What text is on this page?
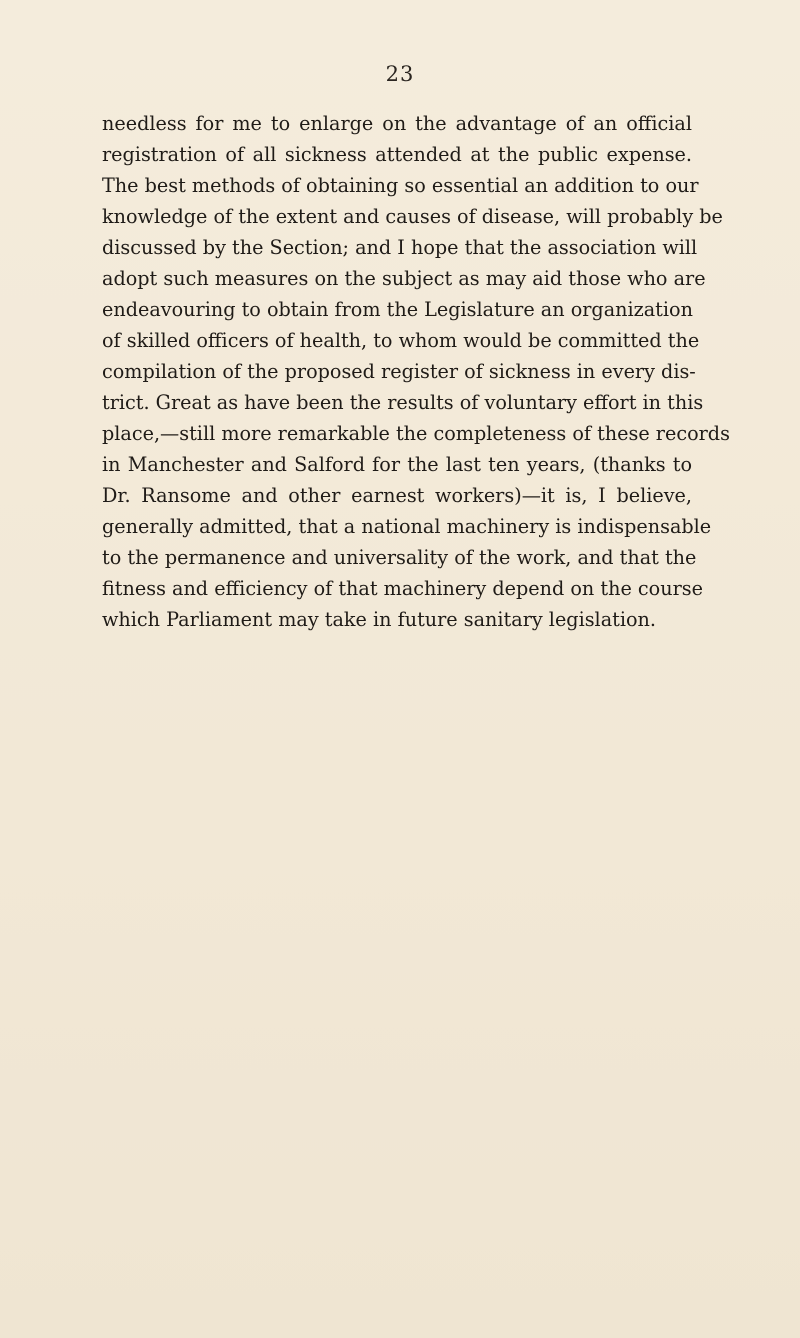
23
needless for me to enlarge on the advantage of an official
registration of all sickness attended at the public expense.
The best methods of obtaining so essential an addition to our
knowledge of the extent and causes of disease, will probably be
discussed by the Section; and I hope that the association will
adopt such measures on the subject as may aid those who are
endeavouring to obtain from the Legislature an organization
of skilled officers of health, to whom would be committed the
compilation of the proposed register of sickness in every dis-
trict. Great as have been the results of voluntary effort in this
place,—still more remarkable the completeness of these records
in Manchester and Salford for the last ten years, (thanks to
Dr. Ransome and other earnest workers)—it is, I believe,
generally admitted, that a national machinery is indispensable
to the permanence and universality of the work, and that the
fitness and efficiency of that machinery depend on the course
which Parliament may take in future sanitary legislation.
